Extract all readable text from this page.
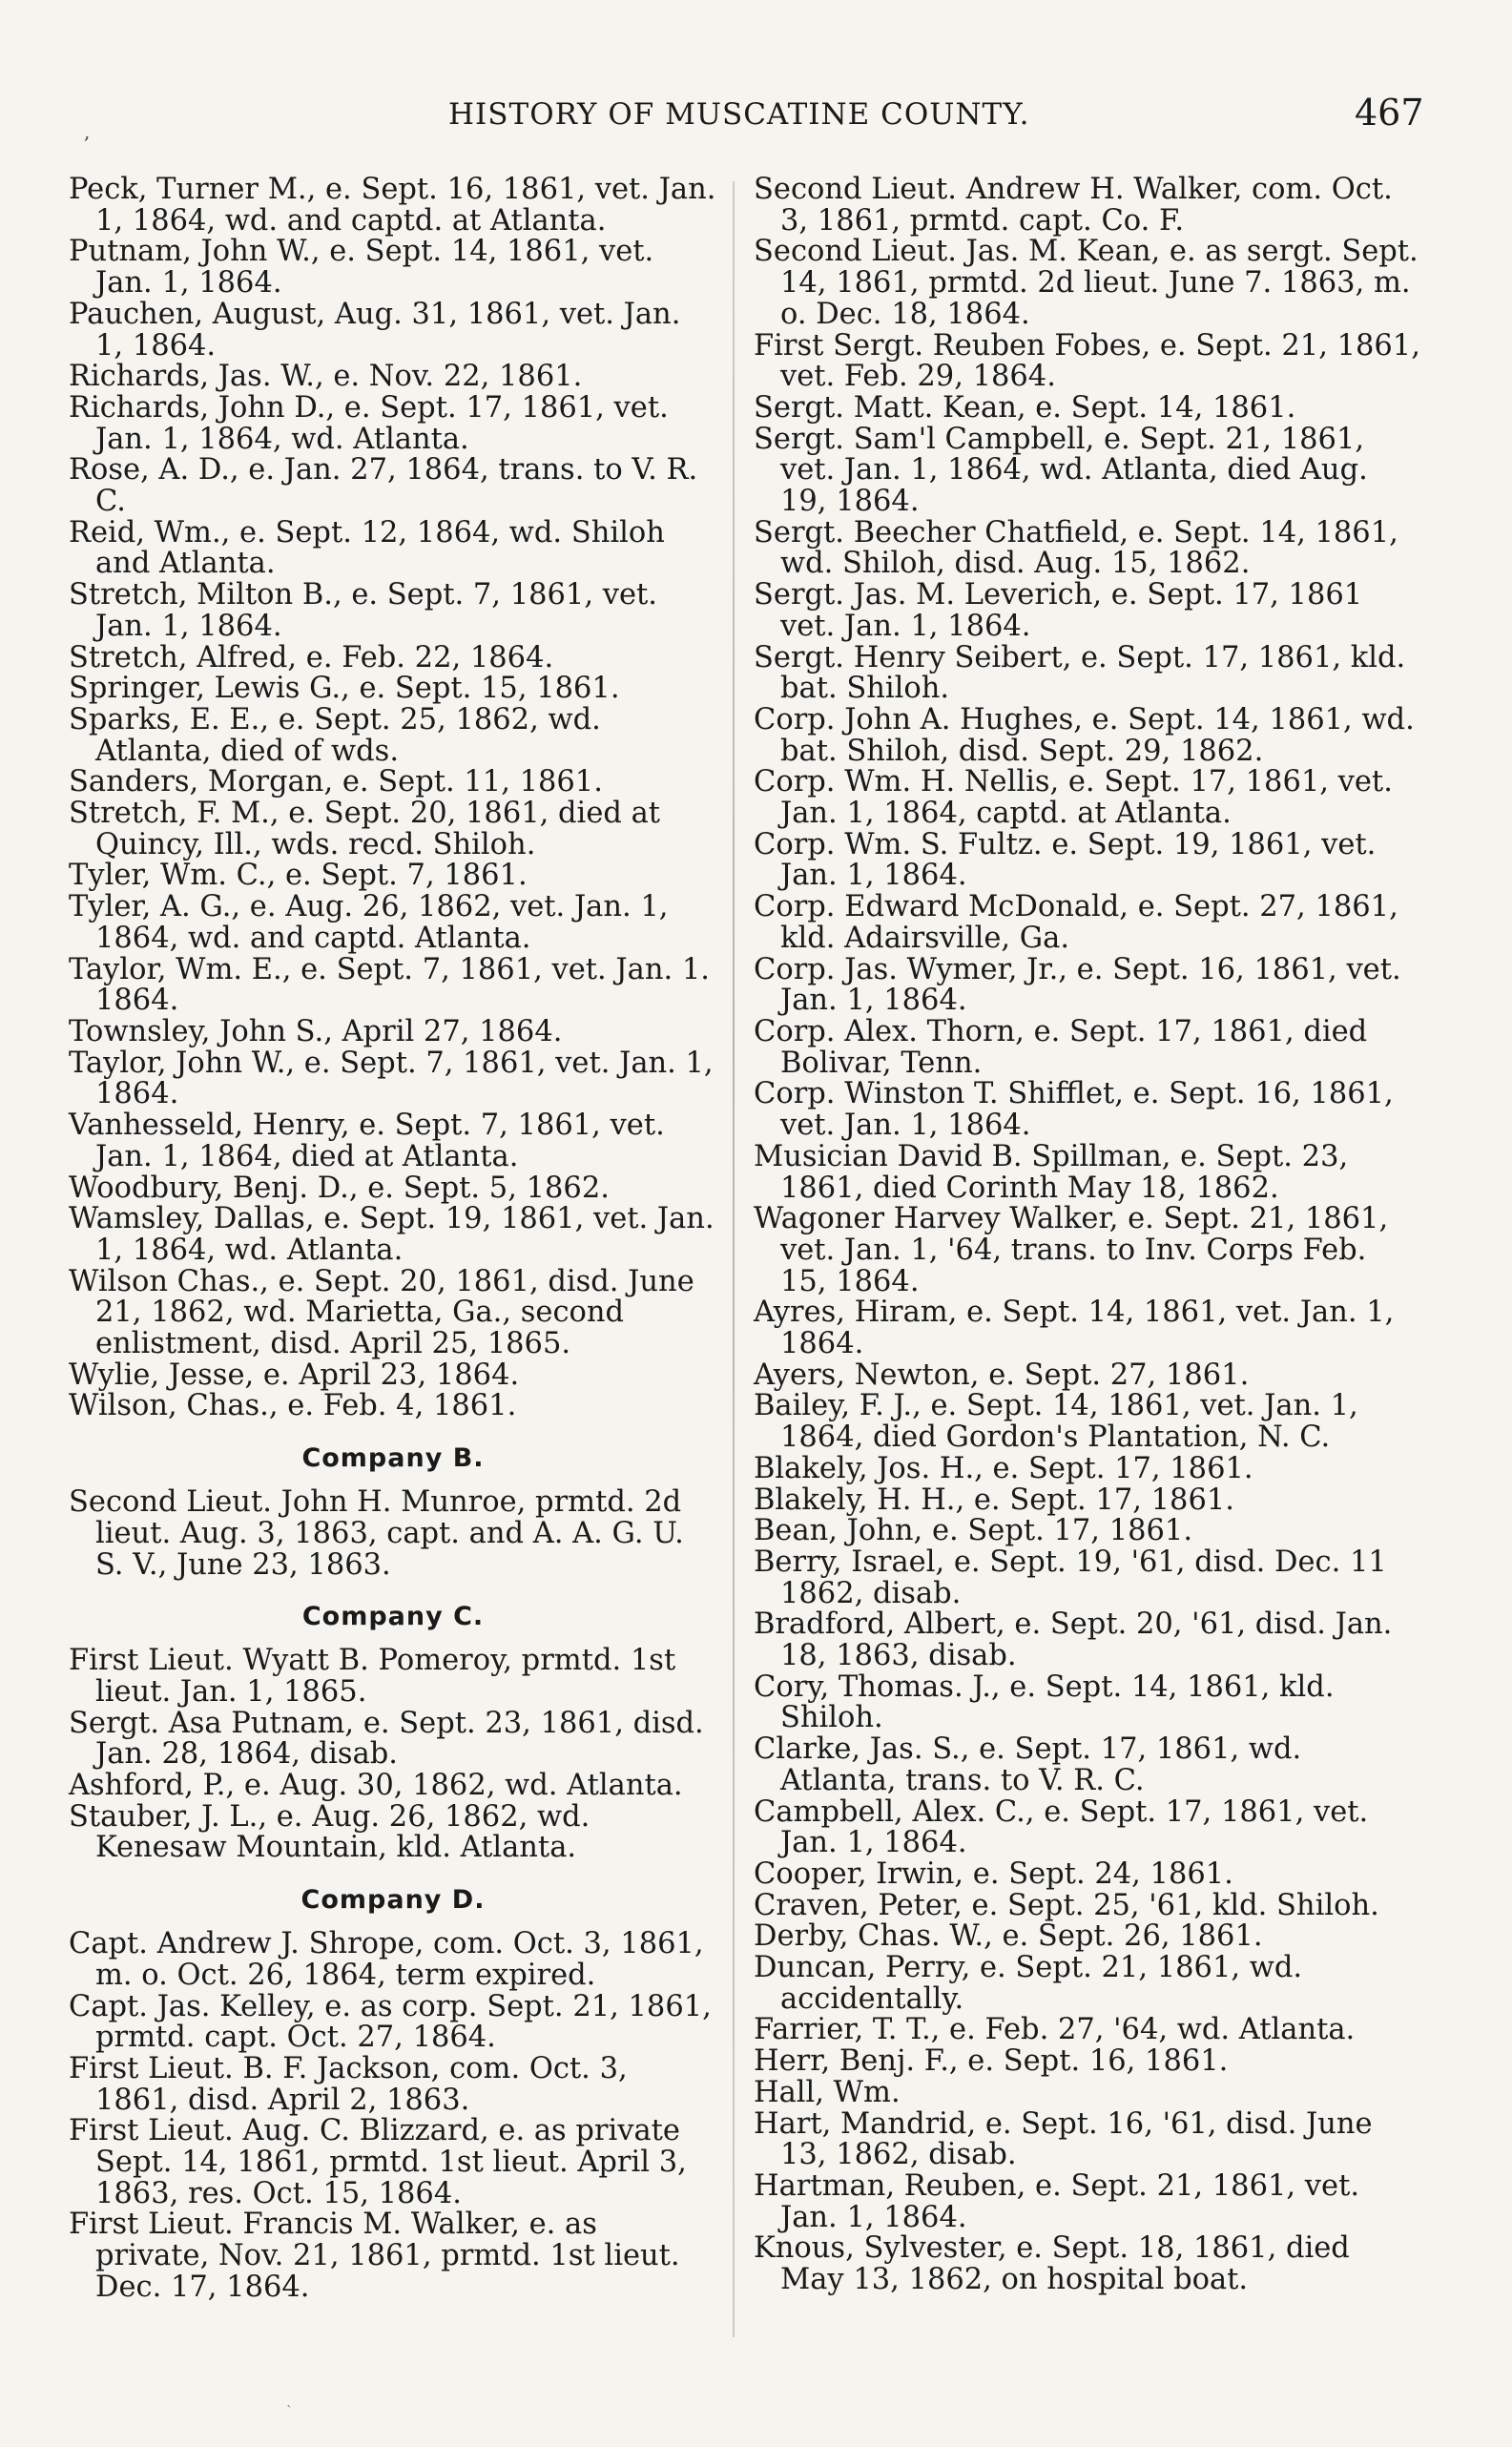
,	HISTORY OF MUSCATINE COUNTY.	467

Peck, Turner M., e. Sept. 16, 1861, vet. Jan. 1, 1864, wd. and captd. at Atlanta.

Putnam, John W., e. Sept. 14, 1861, vet. Jan. 1, 1864.

Pauchen, August, Aug. 31, 1861, vet. Jan. 1, 1864.

Richards, Jas. W., e. Nov. 22, 1861.

Richards, John D., e. Sept. 17, 1861, vet. Jan. 1, 1864, wd. Atlanta.

Rose, A. D., e. Jan. 27, 1864, trans. to V. R. C.

Reid, Wm., e. Sept. 12, 1864, wd. Shiloh and Atlanta.

Stretch, Milton B., e. Sept. 7, 1861, vet. Jan. 1, 1864.

Stretch, Alfred, e. Feb. 22, 1864.

Springer, Lewis G., e. Sept. 15, 1861.

Sparks, E. E., e. Sept. 25, 1862, wd. Atlanta, died of wds.

Sanders, Morgan, e. Sept. 11, 1861.

Stretch, F. M., e. Sept. 20, 1861, died at Quincy, Ill., wds. recd. Shiloh.

Tyler, Wm. C., e. Sept. 7, 1861.

Tyler, A. G., e. Aug. 26, 1862, vet. Jan. 1, 1864, wd. and captd. Atlanta.

Taylor, Wm. E., e. Sept. 7, 1861, vet. Jan. 1. 1864.

Townsley, John S., April 27, 1864.

Taylor, John W., e. Sept. 7, 1861, vet. Jan. 1, 1864.

Vanhesseld, Henry, e. Sept. 7, 1861, vet. Jan. 1, 1864, died at Atlanta.

Woodbury, Benj. D., e. Sept. 5, 1862.

Wamsley, Dallas, e. Sept. 19, 1861, vet. Jan. 1, 1864, wd. Atlanta.

Wilson Chas., e. Sept. 20, 1861, disd. June 21, 1862, wd. Marietta, Ga., second enlistment, disd. April 25, 1865.

Wylie, Jesse, e. April 23, 1864.

Wilson, Chas., e. Feb. 4, 1861.

Company B.

Second Lieut. John H. Munroe, prmtd. 2d lieut. Aug. 3, 1863, capt. and A. A. G. U. S. V., June 23, 1863.

Company C.

First Lieut. Wyatt B. Pomeroy, prmtd. 1st lieut. Jan. 1, 1865.

Sergt. Asa Putnam, e. Sept. 23, 1861, disd. Jan. 28, 1864, disab.

Ashford, P., e. Aug. 30, 1862, wd. Atlanta.

Stauber, J. L., e. Aug. 26, 1862, wd. Kenesaw Mountain, kld. Atlanta.

Company D.

Capt. Andrew J. Shrope, com. Oct. 3, 1861, m. o. Oct. 26, 1864, term expired.

Capt. Jas. Kelley, e. as corp. Sept. 21, 1861, prmtd. capt. Oct. 27, 1864.

First Lieut. B. F. Jackson, com. Oct. 3, 1861, disd. April 2, 1863.

First Lieut. Aug. C. Blizzard, e. as private Sept. 14, 1861, prmtd. 1st lieut. April 3, 1863, res. Oct. 15, 1864.

First Lieut. Francis M. Walker, e. as private, Nov. 21, 1861, prmtd. 1st lieut. Dec. 17, 1864.

Second Lieut. Andrew H. Walker, com. Oct. 3, 1861, prmtd. capt. Co. F.

Second Lieut. Jas. M. Kean, e. as sergt. Sept. 14, 1861, prmtd. 2d lieut. June 7. 1863, m. o. Dec. 18, 1864.

First Sergt. Reuben Fobes, e. Sept. 21, 1861, vet. Feb. 29, 1864.

Sergt. Matt. Kean, e. Sept. 14, 1861.

Sergt. Sam'l Campbell, e. Sept. 21, 1861, vet. Jan. 1, 1864, wd. Atlanta, died Aug. 19, 1864.

Sergt. Beecher Chatfield, e. Sept. 14, 1861, wd. Shiloh, disd. Aug. 15, 1862.

Sergt. Jas. M. Leverich, e. Sept. 17, 1861 vet. Jan. 1, 1864.

Sergt. Henry Seibert, e. Sept. 17, 1861, kld. bat. Shiloh.

Corp. John A. Hughes, e. Sept. 14, 1861, wd. bat. Shiloh, disd. Sept. 29, 1862.

Corp. Wm. H. Nellis, e. Sept. 17, 1861, vet. Jan. 1, 1864, captd. at Atlanta.

Corp. Wm. S. Fultz. e. Sept. 19, 1861, vet. Jan. 1, 1864.

Corp. Edward McDonald, e. Sept. 27, 1861, kld. Adairsville, Ga.

Corp. Jas. Wymer, Jr., e. Sept. 16, 1861, vet. Jan. 1, 1864.

Corp. Alex. Thorn, e. Sept. 17, 1861, died Bolivar, Tenn.

Corp. Winston T. Shifflet, e. Sept. 16, 1861, vet. Jan. 1, 1864.

Musician David B. Spillman, e. Sept. 23, 1861, died Corinth May 18, 1862.

Wagoner Harvey Walker, e. Sept. 21, 1861, vet. Jan. 1, '64, trans. to Inv. Corps Feb. 15, 1864.

Ayres, Hiram, e. Sept. 14, 1861, vet. Jan. 1, 1864.

Ayers, Newton, e. Sept. 27, 1861.

Bailey, F. J., e. Sept. 14, 1861, vet. Jan. 1, 1864, died Gordon's Plantation, N. C.

Blakely, Jos. H., e. Sept. 17, 1861.

Blakely, H. H., e. Sept. 17, 1861.

Bean, John, e. Sept. 17, 1861.

Berry, Israel, e. Sept. 19, '61, disd. Dec. 11 1862, disab.

Bradford, Albert, e. Sept. 20, '61, disd. Jan. 18, 1863, disab.

Cory, Thomas. J., e. Sept. 14, 1861, kld. Shiloh.

Clarke, Jas. S., e. Sept. 17, 1861, wd. Atlanta, trans. to V. R. C.

Campbell, Alex. C., e. Sept. 17, 1861, vet. Jan. 1, 1864.

Cooper, Irwin, e. Sept. 24, 1861.

Craven, Peter, e. Sept. 25, '61, kld. Shiloh.

Derby, Chas. W., e. Sept. 26, 1861.

Duncan, Perry, e. Sept. 21, 1861, wd. accidentally.

Farrier, T. T., e. Feb. 27, '64, wd. Atlanta.

Herr, Benj. F., e. Sept. 16, 1861.

Hall, Wm.

Hart, Mandrid, e. Sept. 16, '61, disd. June 13, 1862, disab.

Hartman, Reuben, e. Sept. 21, 1861, vet. Jan. 1, 1864.

Knous, Sylvester, e. Sept. 18, 1861, died May 13, 1862, on hospital boat.

`
